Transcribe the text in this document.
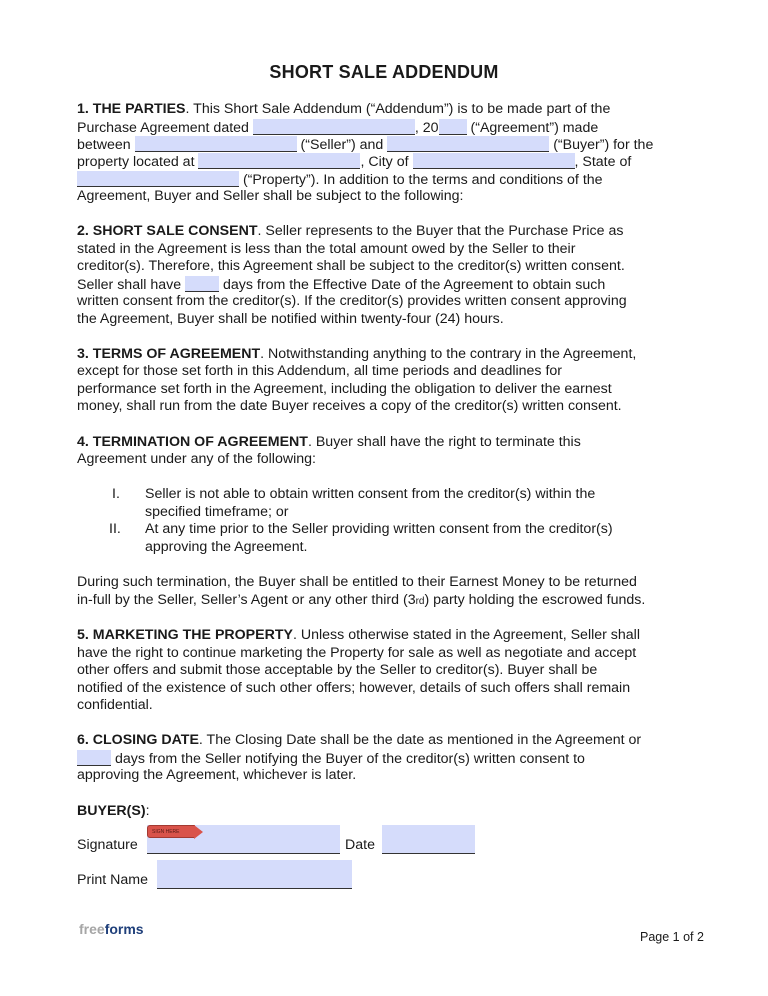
SHORT SALE ADDENDUM
1. THE PARTIES. This Short Sale Addendum (“Addendum”) is to be made part of the
Purchase Agreement dated	, 20 (“Agreement”) made
between	(“Seller”) and	(“Buyer”) for the
property located at	, City of	, State of
(“Property”). In addition to the terms and conditions of the
Agreement, Buyer and Seller shall be subject to the following:
2. SHORT SALE CONSENT. Seller represents to the Buyer that the Purchase Price as
stated in the Agreement is less than the total amount owed by the Seller to their
creditor(s). Therefore, this Agreement shall be subject to the creditor(s) written consent.
Seller shall have  days from the Effective Date of the Agreement to obtain such
written consent from the creditor(s). If the creditor(s) provides written consent approving
the Agreement, Buyer shall be notified within twenty-four (24) hours.
3. TERMS OF AGREEMENT. Notwithstanding anything to the contrary in the Agreement,
except for those set forth in this Addendum, all time periods and deadlines for
performance set forth in the Agreement, including the obligation to deliver the earnest
money, shall run from the date Buyer receives a copy of the creditor(s) written consent.
4. TERMINATION OF AGREEMENT. Buyer shall have the right to terminate this
Agreement under any of the following:
I. Seller is not able to obtain written consent from the creditor(s) within the
specified timeframe; or
II. At any time prior to the Seller providing written consent from the creditor(s)
approving the Agreement.
During such termination, the Buyer shall be entitled to their Earnest Money to be returned
in-full by the Seller, Seller’s Agent or any other third (3rd) party holding the escrowed funds.
5. MARKETING THE PROPERTY. Unless otherwise stated in the Agreement, Seller shall
have the right to continue marketing the Property for sale as well as negotiate and accept
other offers and submit those acceptable by the Seller to creditor(s). Buyer shall be
notified of the existence of such other offers; however, details of such offers shall remain
confidential.
6. CLOSING DATE. The Closing Date shall be the date as mentioned in the Agreement or
days from the Seller notifying the Buyer of the creditor(s) written consent to
approving the Agreement, whichever is later.
BUYER(S):
Signature
SIGN HERE
Date
Print Name
freeforms	Page 1 of 2
